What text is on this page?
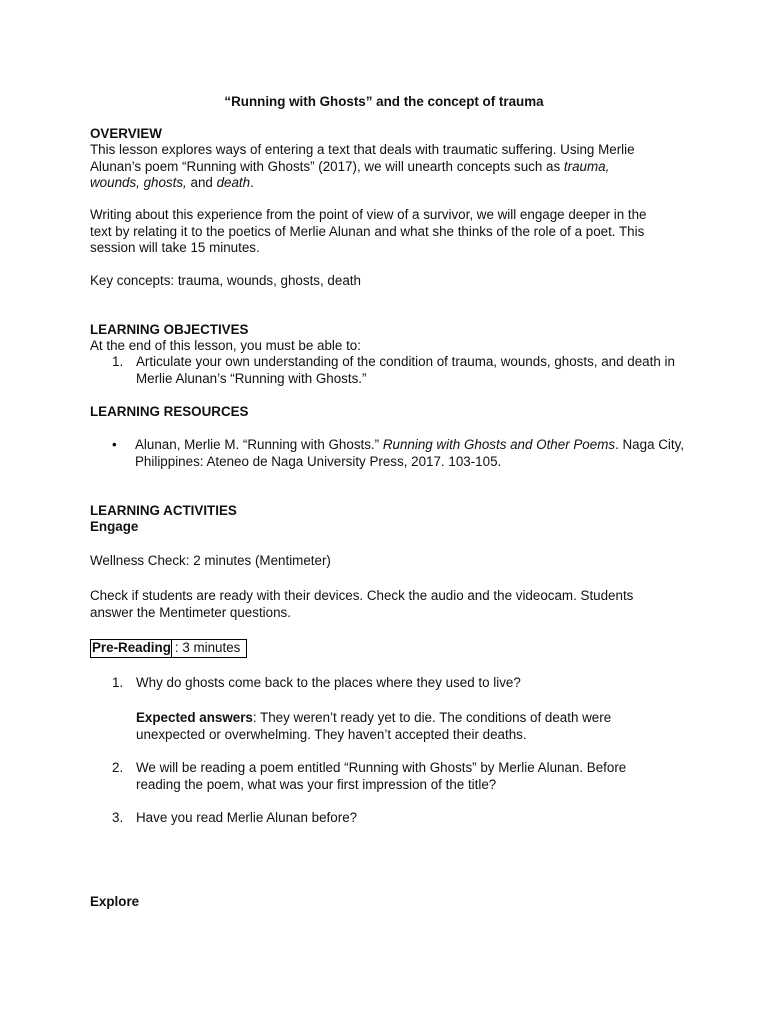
“Running with Ghosts” and the concept of trauma
OVERVIEW

This lesson explores ways of entering a text that deals with traumatic suffering. Using Merlie Alunan’s poem “Running with Ghosts” (2017), we will unearth concepts such as trauma, wounds, ghosts, and death.

Writing about this experience from the point of view of a survivor, we will engage deeper in the text by relating it to the poetics of Merlie Alunan and what she thinks of the role of a poet. This session will take 15 minutes.

Key concepts: trauma, wounds, ghosts, death
LEARNING OBJECTIVES
At the end of this lesson, you must be able to:
1. Articulate your own understanding of the condition of trauma, wounds, ghosts, and death in Merlie Alunan’s “Running with Ghosts.”
LEARNING RESOURCES
• Alunan, Merlie M. “Running with Ghosts.” Running with Ghosts and Other Poems. Naga City, Philippines: Ateneo de Naga University Press, 2017. 103-105.

LEARNING ACTIVITIES
Engage
Wellness Check: 2 minutes (Mentimeter)

Check if students are ready with their devices. Check the audio and the videocam. Students answer the Mentimeter questions.

Pre-Reading : 3 minutes
1. Why do ghosts come back to the places where they used to live?

Expected answers: They weren’t ready yet to die. The conditions of death were unexpected or overwhelming. They haven’t accepted their deaths.

2. We will be reading a poem entitled “Running with Ghosts” by Merlie Alunan. Before reading the poem, what was your first impression of the title?
3. Have you read Merlie Alunan before?
Explore
